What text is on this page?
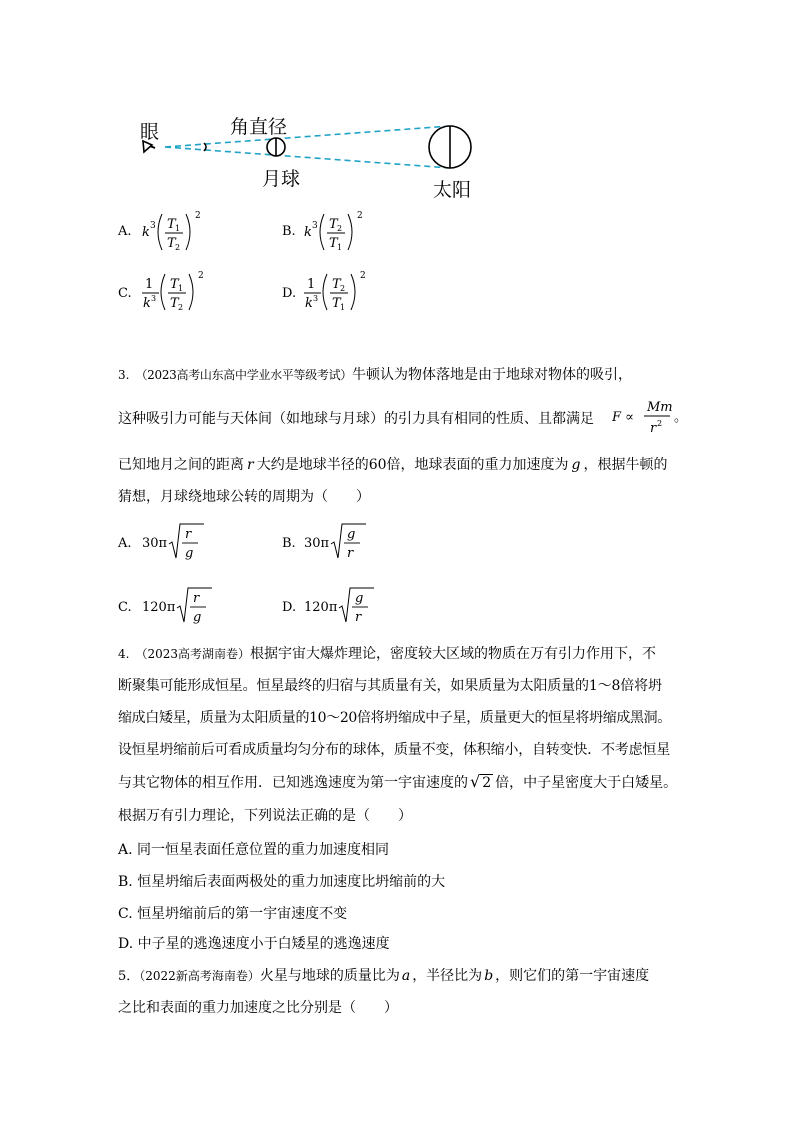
眼	角直径
月球	太阳
A. k 3 T 1
T 2
2
B. k 3 T 2
T 1
2
C.
1
k 3
T 1
T 2
2
D.
1
k 3
T 2
T 1
2
3. （2023高考山东高中学业水平等级考试）牛顿认为物体落地是由于地球对物体的吸引，
这种吸引力可能与天体间（如地球与月球）的引力具有相同的性质、且都满足 F ∝
Mm
r 2 。
已知地月之间的距离 r 大约是地球半径的60倍，地球表面的重力加速度为 g ，根据牛顿的
猜想，月球绕地球公转的周期为（　　）
A. 30π
r
g
B. 30π
g
r
C. 120π
r
g
D. 120π
g
r
4. （2023高考湖南卷）根据宇宙大爆炸理论，密度较大区域的物质在万有引力作用下，不
断聚集可能形成恒星。恒星最终的归宿与其质量有关，如果质量为太阳质量的1～8倍将坍
缩成白矮星，质量为太阳质量的10～20倍将坍缩成中子星，质量更大的恒星将坍缩成黑洞。
设恒星坍缩前后可看成质量均匀分布的球体，质量不变，体积缩小，自转变快．不考虑恒星
与其它物体的相互作用．已知逃逸速度为第一宇宙速度的 √ 2 倍，中子星密度大于白矮星。
根据万有引力理论，下列说法正确的是（　　）
A. 同一恒星表面任意位置的重力加速度相同
B. 恒星坍缩后表面两极处的重力加速度比坍缩前的大
C. 恒星坍缩前后的第一宇宙速度不变
D. 中子星的逃逸速度小于白矮星的逃逸速度
5．（2022新高考海南卷）火星与地球的质量比为 a ，半径比为 b ，则它们的第一宇宙速度
之比和表面的重力加速度之比分别是（　　）
